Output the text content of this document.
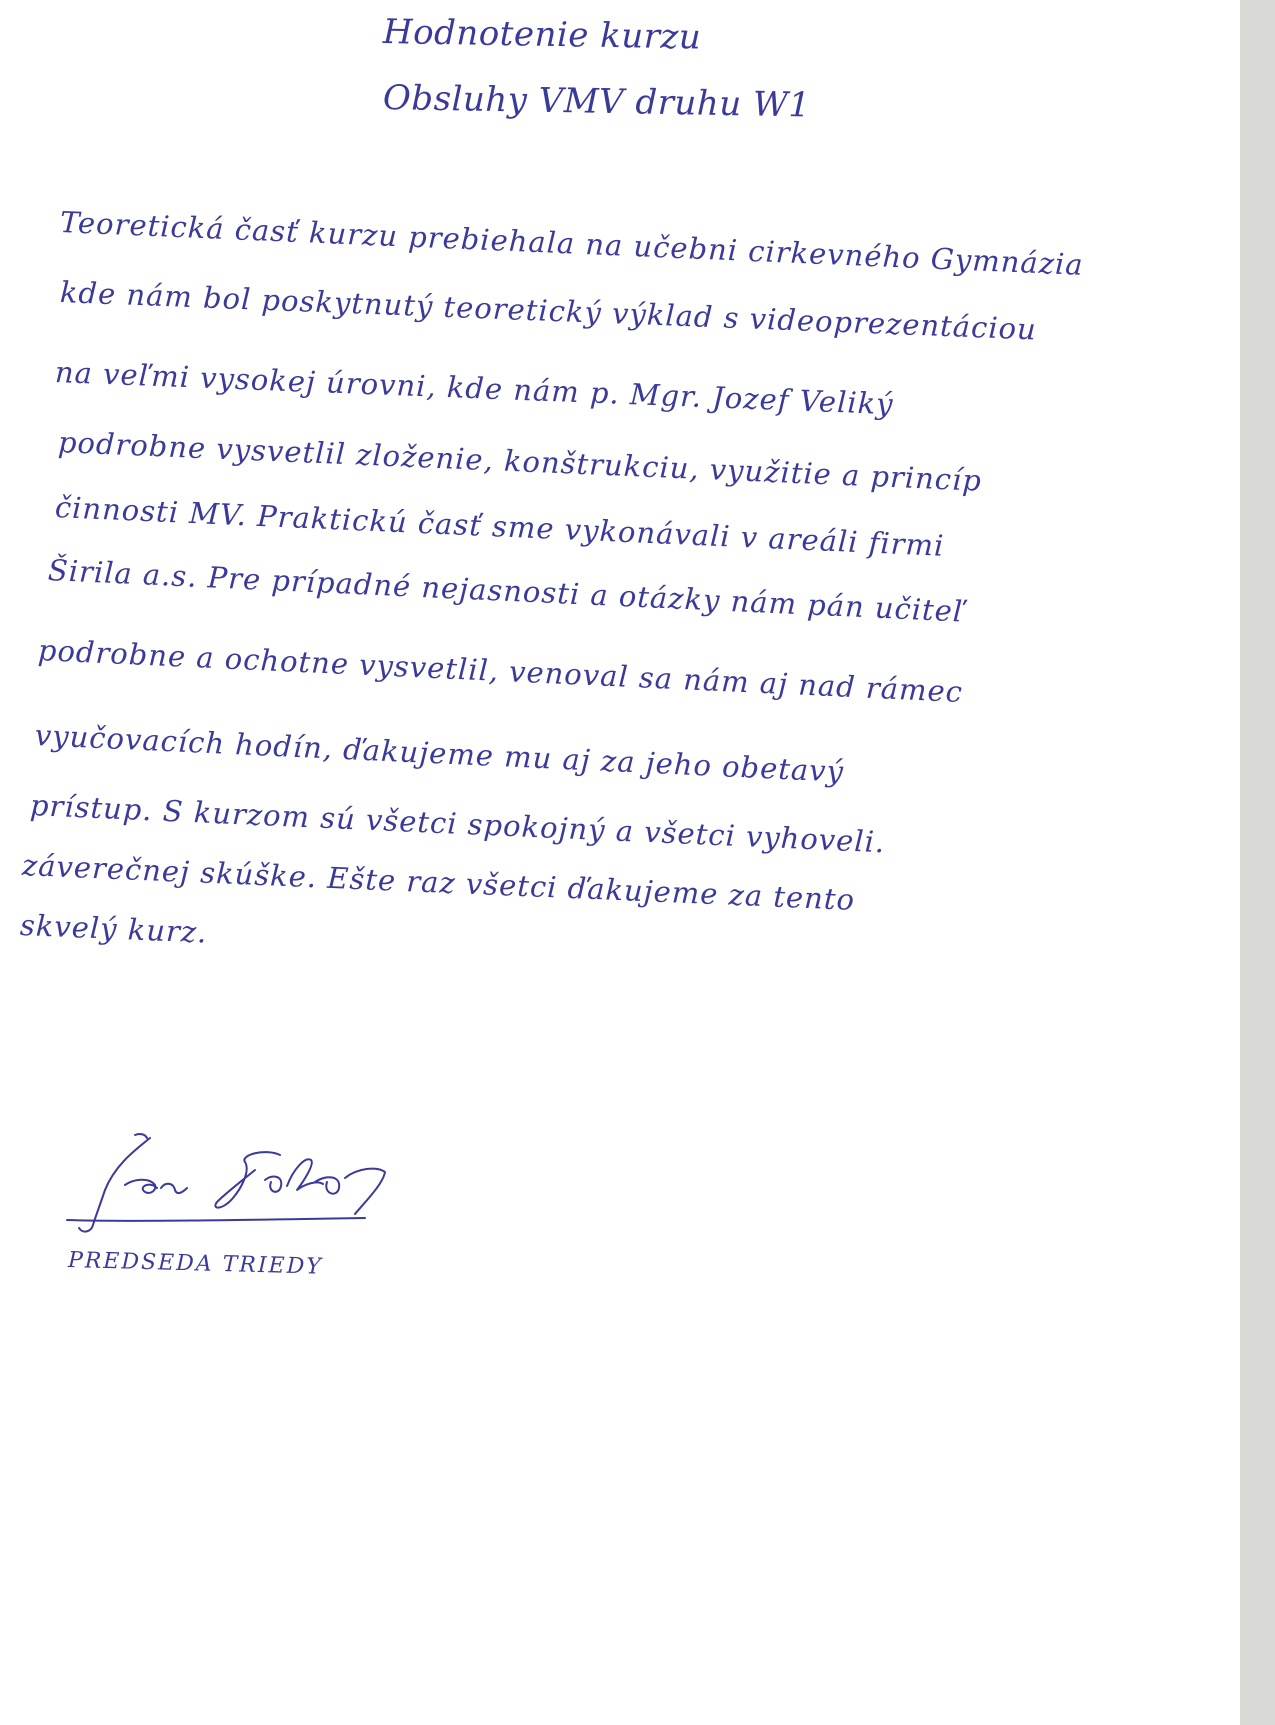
Hodnotenie kurzu
Obsluhy VMV druhu W1
Teoretická časť kurzu prebiehala na učebni cirkevného Gymnázia
kde nám bol poskytnutý teoretický výklad s videoprezentáciou
na veľmi vysokej úrovni, kde nám p. Mgr. Jozef Veliký
podrobne vysvetlil zloženie, konštrukciu, využitie a princíp
činnosti MV. Praktickú časť sme vykonávali v areáli firmi
Širila a.s. Pre prípadné nejasnosti a otázky nám pán učiteľ
podrobne a ochotne vysvetlil, venoval sa nám aj nad rámec
vyučovacích hodín, ďakujeme mu aj za jeho obetavý
prístup. S kurzom sú všetci spokojný a všetci vyhoveli.
záverečnej skúške. Ešte raz všetci ďakujeme za tento
skvelý kurz.
PREDSEDA TRIEDY
